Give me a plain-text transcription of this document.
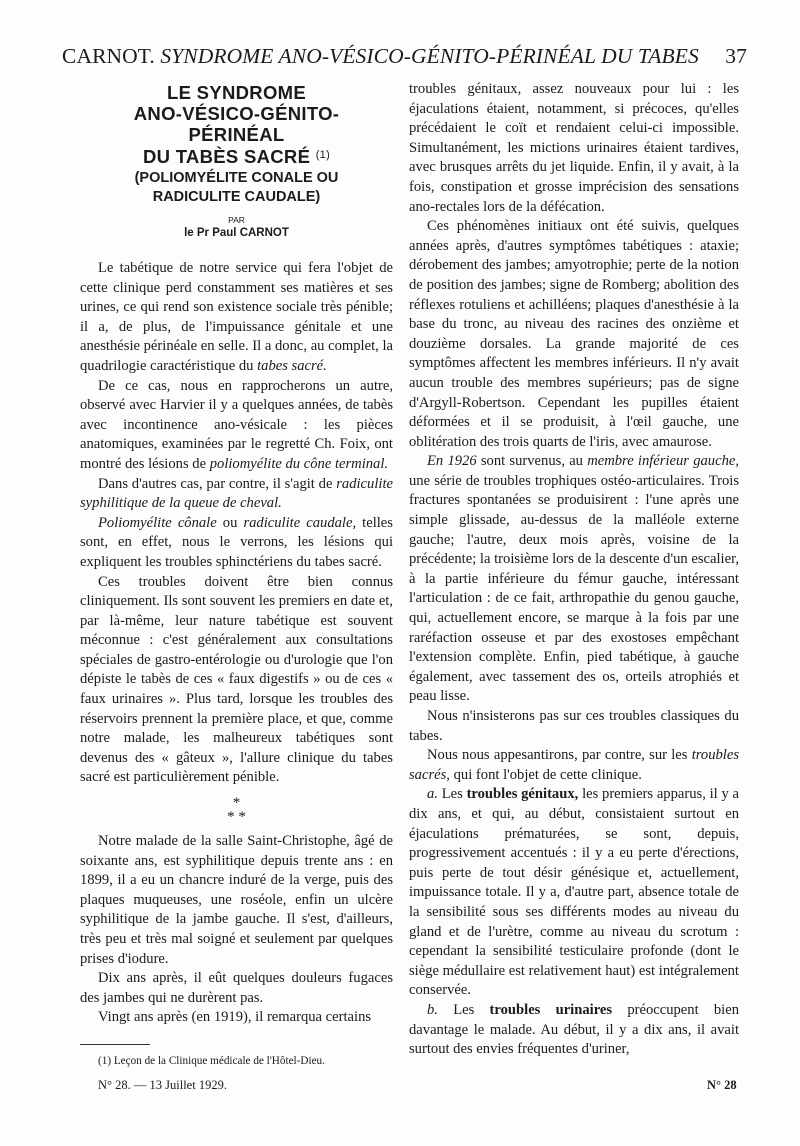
CARNOT. SYNDROME ANO-VÉSICO-GÉNITO-PÉRINÉAL DU TABES 37
LE SYNDROME
ANO-VÉSICO-GÉNITO-
PÉRINÉAL
DU TABÈS SACRÉ $^{(1)}$
(POLIOMYÉLITE CONALE OU
RADICULITE CAUDALE)
PAR
le Pr Paul CARNOT

Le tabétique de notre service qui fera l'objet de cette clinique perd constamment ses matières et ses urines, ce qui rend son existence sociale très pénible; il a, de plus, de l'impuissance génitale et une anesthésie périnéale en selle. Il a donc, au complet, la quadrilogie caractéristique du tabes sacré.

De ce cas, nous en rapprocherons un autre, observé avec Harvier il y a quelques années, de tabès avec incontinence ano-vésicale : les pièces anatomiques, examinées par le regretté Ch. Foix, ont montré des lésions de poliomyélite du cône terminal.

Dans d'autres cas, par contre, il s'agit de radiculite syphilitique de la queue de cheval.

Poliomyélite cônale ou radiculite caudale, telles sont, en effet, nous le verrons, les lésions qui expliquent les troubles sphinctériens du tabes sacré.

Ces troubles doivent être bien connus cliniquement. Ils sont souvent les premiers en date et, par là-même, leur nature tabétique est souvent méconnue : c'est généralement aux consultations spéciales de gastro-entérologie ou d'urologie que l'on dépiste le tabès de ces « faux digestifs » ou de ces « faux urinaires ». Plus tard, lorsque les troubles des réservoirs prennent la première place, et que, comme notre malade, les malheureux tabétiques sont devenus des « gâteux », l'allure clinique du tabes sacré est particulièrement pénible.

*
* *

Notre malade de la salle Saint-Christophe, âgé de soixante ans, est syphilitique depuis trente ans : en 1899, il a eu un chancre induré de la verge, puis des plaques muqueuses, une roséole, enfin un ulcère syphilitique de la jambe gauche. Il s'est, d'ailleurs, très peu et très mal soigné et seulement par quelques prises d'iodure.

Dix ans après, il eût quelques douleurs fugaces des jambes qui ne durèrent pas.

Vingt ans après (en 1919), il remarqua certains

(1) Leçon de la Clinique médicale de l'Hôtel-Dieu.

troubles génitaux, assez nouveaux pour lui : les éjaculations étaient, notamment, si précoces, qu'elles précédaient le coït et rendaient celui-ci impossible. Simultanément, les mictions urinaires étaient tardives, avec brusques arrêts du jet liquide. Enfin, il y avait, à la fois, constipation et grosse imprécision des sensations ano-rectales lors de la défécation.

Ces phénomènes initiaux ont été suivis, quelques années après, d'autres symptômes tabétiques : ataxie; dérobement des jambes; amyotrophie; perte de la notion de position des jambes; signe de Romberg; abolition des réflexes rotuliens et achilléens; plaques d'anesthésie à la base du tronc, au niveau des racines des onzième et douzième dorsales. La grande majorité de ces symptômes affectent les membres inférieurs. Il n'y avait aucun trouble des membres supérieurs; pas de signe d'Argyll-Robertson. Cependant les pupilles étaient déformées et il se produisit, à l'œil gauche, une oblitération des trois quarts de l'iris, avec amaurose.

En 1926 sont survenus, au membre inférieur gauche, une série de troubles trophiques ostéo-articulaires. Trois fractures spontanées se produisirent : l'une après une simple glissade, au-dessus de la malléole externe gauche; l'autre, deux mois après, voisine de la précédente; la troisième lors de la descente d'un escalier, à la partie inférieure du fémur gauche, intéressant l'articulation : de ce fait, arthropathie du genou gauche, qui, actuellement encore, se marque à la fois par une raréfaction osseuse et par des exostoses empêchant l'extension complète. Enfin, pied tabétique, à gauche également, avec tassement des os, orteils atrophiés et peau lisse.

Nous n'insisterons pas sur ces troubles classiques du tabes.

Nous nous appesantirons, par contre, sur les troubles sacrés, qui font l'objet de cette clinique.

a. Les troubles génitaux, les premiers apparus, il y a dix ans, et qui, au début, consistaient surtout en éjaculations prématurées, se sont, depuis, progressivement accentués : il y a eu perte d'érections, puis perte de tout désir génésique et, actuellement, impuissance totale. Il y a, d'autre part, absence totale de la sensibilité sous ses différents modes au niveau du gland et de l'urètre, comme au niveau du scrotum : cependant la sensibilité testiculaire profonde (dont le siège médullaire est relativement haut) est intégralement conservée.

b. Les troubles urinaires préoccupent bien davantage le malade. Au début, il y a dix ans, il avait surtout des envies fréquentes d'uriner,

N° 28. — 13 Juillet 1929.	N° 28
